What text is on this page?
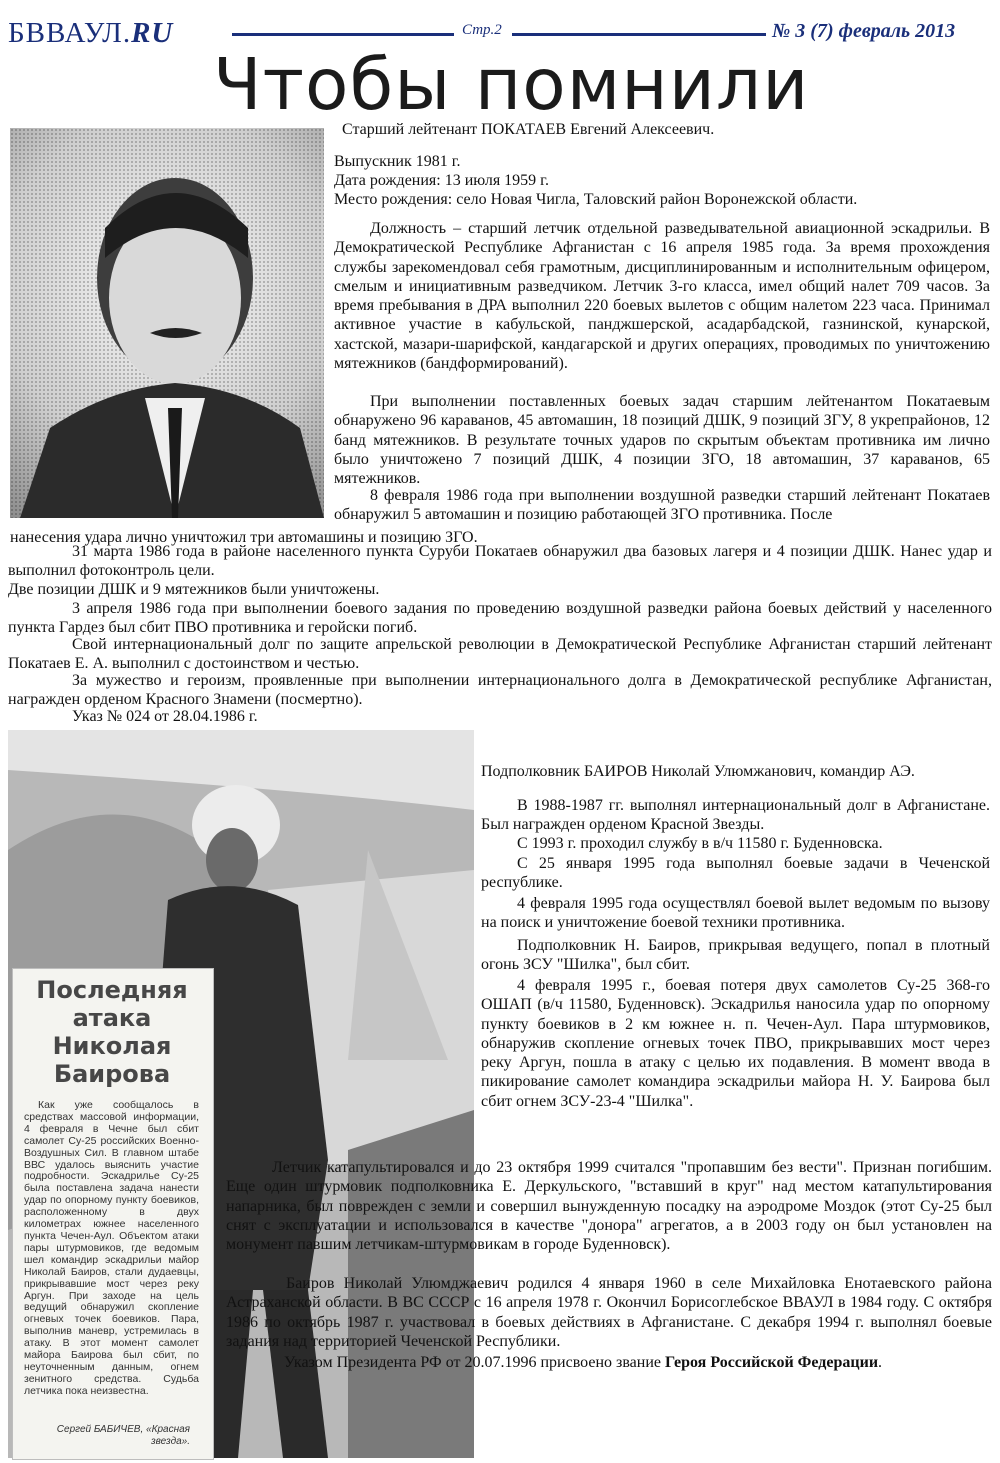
БВВАУЛ.RU	Стр.2	№ 3 (7) февраль 2013
Чтобы помнили
Старший лейтенант ПОКАТАЕВ Евгений Алексеевич.
Выпускник 1981 г.
Дата рождения: 13 июля 1959 г.
Место рождения: село Новая Чигла, Таловский район Воронежской области.
Должность – старший летчик отдельной разведывательной авиационной эскадрильи. В Демократической Республике Афганистан с 16 апреля 1985 года. За время прохождения службы зарекомендовал себя грамотным, дисциплинированным и исполнительным офицером, смелым и инициативным разведчиком. Летчик 3-го класса, имел общий налет 709 часов. За время пребывания в ДРА выполнил 220 боевых вылетов с общим налетом 223 часа. Принимал активное участие в кабульской, панджшерской, асадарбадской, газнинской, кунарской, хастской, мазари-шарифской, кандагарской и других операциях, проводимых по уничтожению мятежников (бандформирований).
При выполнении поставленных боевых задач старшим лейтенантом Покатаевым обнаружено 96 караванов, 45 автомашин, 18 позиций ДШК, 9 позиций ЗГУ, 8 укрепрайонов, 12 банд мятежников. В результате точных ударов по скрытым объектам противника им лично было уничтожено 7 позиций ДШК, 4 позиции ЗГО, 18 автомашин, 37 караванов, 65 мятежников.
8 февраля 1986 года при выполнении воздушной разведки старший лейтенант Покатаев обнаружил 5 автомашин и позицию работающей ЗГО противника. После
нанесения удара лично уничтожил три автомашины и позицию ЗГО.
31 марта 1986 года в районе населенного пункта Суруби Покатаев обнаружил два базовых лагеря и 4 позиции ДШК. Нанес удар и выполнил фотоконтроль цели.
Две позиции ДШК и 9 мятежников были уничтожены.
3 апреля 1986 года при выполнении боевого задания по проведению воздушной разведки района боевых действий у населенного пункта Гардез был сбит ПВО противника и геройски погиб.
Свой интернациональный долг по защите апрельской революции в Демократической Республике Афганистан старший лейтенант Покатаев Е. А. выполнил с достоинством и честью.
За мужество и героизм, проявленные при выполнении интернационального долга в Демократической республике Афганистан, награжден орденом Красного Знамени (посмертно).
Указ № 024 от 28.04.1986 г.
Последняя атака Николая Баирова
Как уже сообщалось в средствах массовой информации, 4 февраля в Чечне был сбит самолет Су-25 российских Военно-Воздушных Сил. В главном штабе ВВС удалось выяснить участие подробности. Эскадрилье Су-25 была поставлена задача нанести удар по опорному пункту боевиков, расположенному в двух километрах южнее населенного пункта Чечен-Аул. Объектом атаки пары штурмовиков, где ведомым шел командир эскадрильи майор Николай Баиров, стали дудаевцы, прикрывавшие мост через реку Аргун. При заходе на цель ведущий обнаружил скопление огневых точек боевиков. Пара, выполнив маневр, устремилась в атаку. В этот момент самолет майора Баирова был сбит, по неуточненным данным, огнем зенитного средства. Судьба летчика пока неизвестна.
Сергей БАБИЧЕВ, «Красная звезда».
Подполковник БАИРОВ Николай Улюмжанович, командир АЭ.
В 1988-1987 гг. выполнял интернациональный долг в Афганистане. Был награжден орденом Красной Звезды.
С 1993 г. проходил службу в в/ч 11580 г. Буденновска.
С 25 января 1995 года выполнял боевые задачи в Чеченской республике.
4 февраля 1995 года осуществлял боевой вылет ведомым по вызову на поиск и уничтожение боевой техники противника.
Подполковник Н. Баиров, прикрывая ведущего, попал в плотный огонь ЗСУ "Шилка", был сбит.
4 февраля 1995 г., боевая потеря двух самолетов Су-25 368-го ОШАП (в/ч 11580, Буденновск). Эскадрилья наносила удар по опорному пункту боевиков в 2 км южнее н. п. Чечен-Аул. Пара штурмовиков, обнаружив скопление огневых точек ПВО, прикрывавших мост через реку Аргун, пошла в атаку с целью их подавления. В момент ввода в пикирование самолет командира эскадрильи майора Н. У. Баирова был сбит огнем ЗСУ-23-4 "Шилка".
Летчик катапультировался и до 23 октября 1999 считался "пропавшим без вести". Признан погибшим. Еще один штурмовик подполковника Е. Деркульского, "вставший в круг" над местом катапультирования напарника, был поврежден с земли и совершил вынужденную посадку на аэродроме Моздок (этот Су-25 был снят с эксплуатации и использовался в качестве "донора" агрегатов, а в 2003 году он был установлен на монумент павшим летчикам-штурмовикам в городе Буденновск).
Баиров Николай Улюмджаевич родился 4 января 1960 в селе Михайловка Енотаевского района Астраханской области. В ВС СССР с 16 апреля 1978 г. Окончил Борисоглебское ВВАУЛ в 1984 году. С октября 1986 по октябрь 1987 г. участвовал в боевых действиях в Афганистане. С декабря 1994 г. выполнял боевые задания над территорией Чеченской Республики.
Указом Президента РФ от 20.07.1996 присвоено звание Героя Российской Федерации.
